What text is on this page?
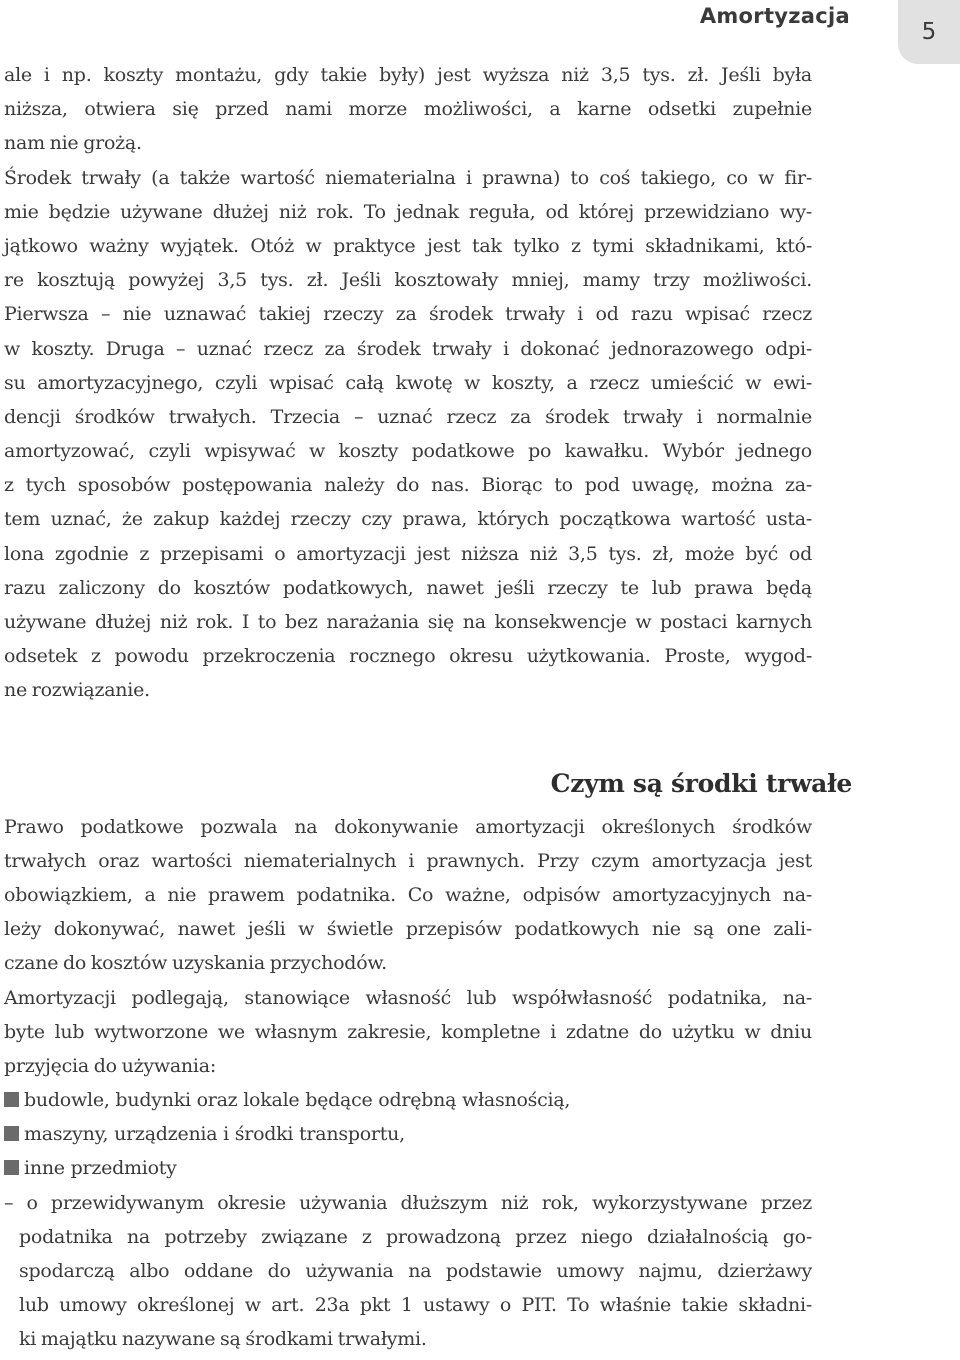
Amortyzacja
5
ale i np. koszty montażu, gdy takie były) jest wyższa niż 3,5 tys. zł. Jeśli była
niższa, otwiera się przed nami morze możliwości, a karne odsetki zupełnie
nam nie grożą.
Środek trwały (a także wartość niematerialna i prawna) to coś takiego, co w fir-
mie będzie używane dłużej niż rok. To jednak reguła, od której przewidziano wy-
jątkowo ważny wyjątek. Otóż w praktyce jest tak tylko z tymi składnikami, któ-
re kosztują powyżej 3,5 tys. zł. Jeśli kosztowały mniej, mamy trzy możliwości.
Pierwsza – nie uznawać takiej rzeczy za środek trwały i od razu wpisać rzecz
w koszty. Druga – uznać rzecz za środek trwały i dokonać jednorazowego odpi-
su amortyzacyjnego, czyli wpisać całą kwotę w koszty, a rzecz umieścić w ewi-
dencji środków trwałych. Trzecia – uznać rzecz za środek trwały i normalnie
amortyzować, czyli wpisywać w koszty podatkowe po kawałku. Wybór jednego
z tych sposobów postępowania należy do nas. Biorąc to pod uwagę, można za-
tem uznać, że zakup każdej rzeczy czy prawa, których początkowa wartość usta-
lona zgodnie z przepisami o amortyzacji jest niższa niż 3,5 tys. zł, może być od
razu zaliczony do kosztów podatkowych, nawet jeśli rzeczy te lub prawa będą
używane dłużej niż rok. I to bez narażania się na konsekwencje w postaci karnych
odsetek z powodu przekroczenia rocznego okresu użytkowania. Proste, wygod-
ne rozwiązanie.
Czym są środki trwałe
Prawo podatkowe pozwala na dokonywanie amortyzacji określonych środków
trwałych oraz wartości niematerialnych i prawnych. Przy czym amortyzacja jest
obowiązkiem, a nie prawem podatnika. Co ważne, odpisów amortyzacyjnych na-
leży dokonywać, nawet jeśli w świetle przepisów podatkowych nie są one zali-
czane do kosztów uzyskania przychodów.
Amortyzacji podlegają, stanowiące własność lub współwłasność podatnika, na-
byte lub wytworzone we własnym zakresie, kompletne i zdatne do użytku w dniu
przyjęcia do używania:
budowle, budynki oraz lokale będące odrębną własnością,
maszyny, urządzenia i środki transportu,
inne przedmioty
– o przewidywanym okresie używania dłuższym niż rok, wykorzystywane przez
podatnika na potrzeby związane z prowadzoną przez niego działalnością go-
spodarczą albo oddane do używania na podstawie umowy najmu, dzierżawy
lub umowy określonej w art. 23a pkt 1 ustawy o PIT. To właśnie takie składni-
ki majątku nazywane są środkami trwałymi.
